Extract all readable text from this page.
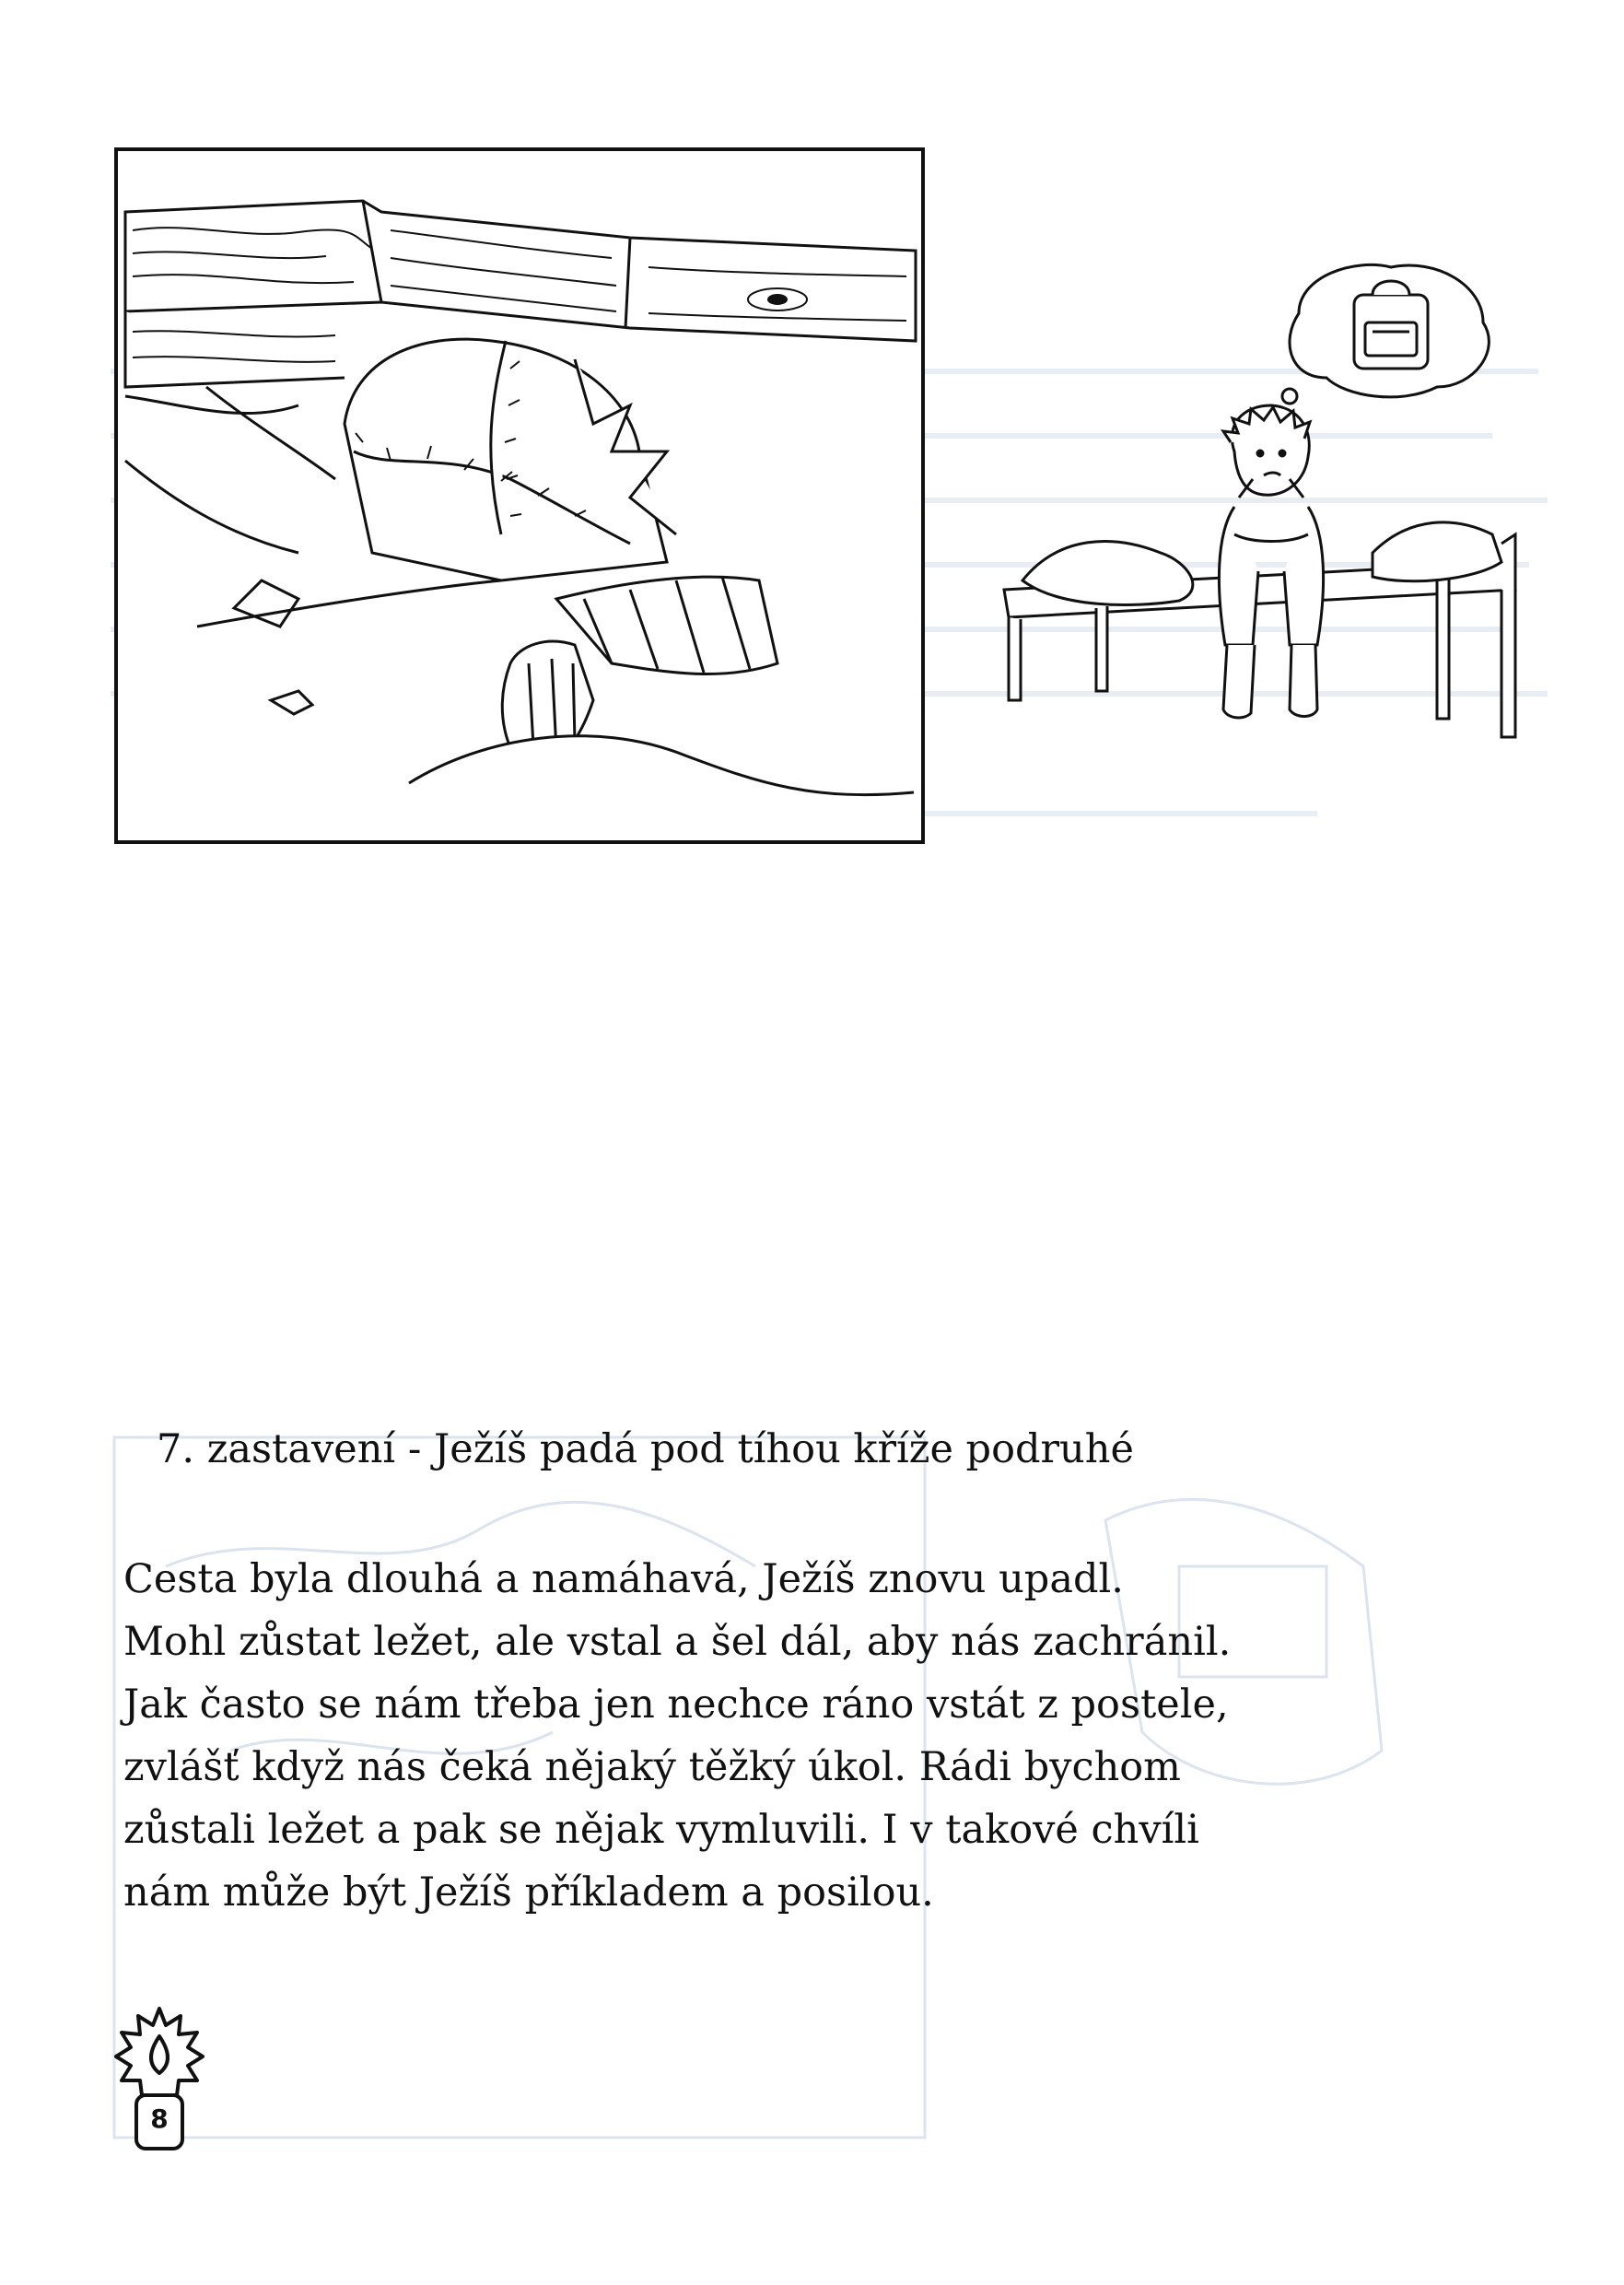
7. zastavení - Ježíš padá pod tíhou kříže podruhé
Cesta byla dlouhá a namáhavá, Ježíš znovu upadl.
Mohl zůstat ležet, ale vstal a šel dál, aby nás zachránil.
Jak často se nám třeba jen nechce ráno vstát z postele,
zvlášť když nás čeká nějaký těžký úkol. Rádi bychom
zůstali ležet a pak se nějak vymluvili. I v takové chvíli
nám může být Ježíš příkladem a posilou.
8
